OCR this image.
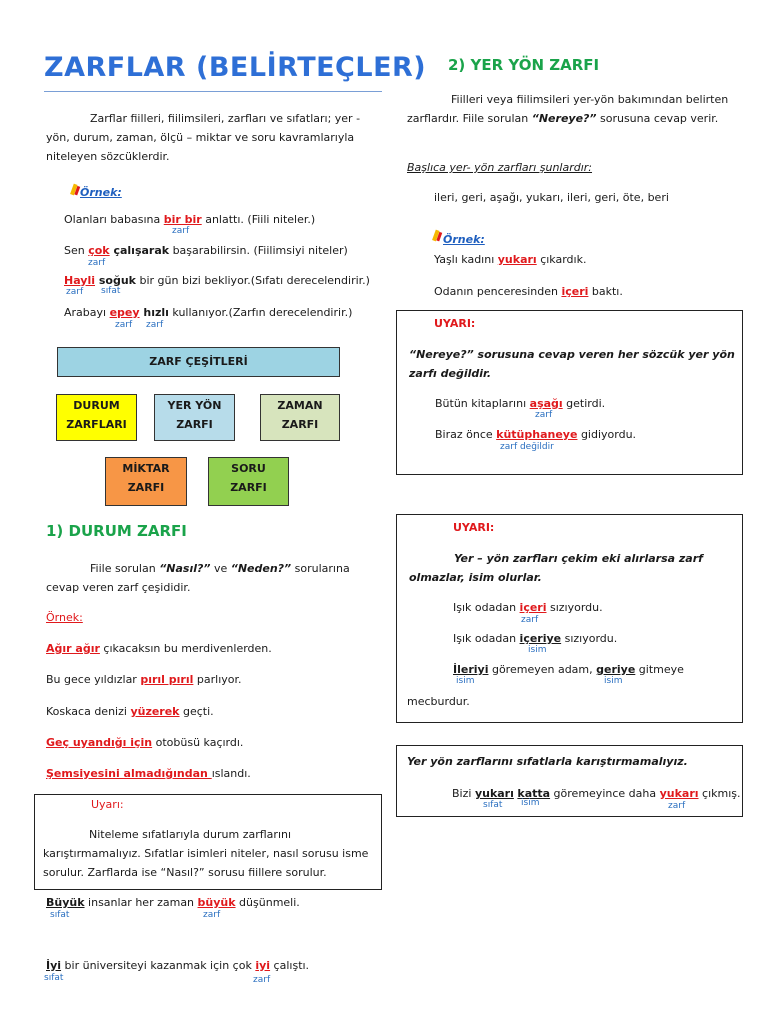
ZARFLAR (BELİRTEÇLER)

Zarflar fiilleri, fiilimsileri, zarfları ve sıfatları; yer - yön, durum, zaman, ölçü – miktar ve soru kavramlarıyla niteleyen sözcüklerdir.

Örnek:
Olanları babasına bir bir anlattı. (Fiili niteler.)
zarf
Sen çok çalışarak başarabilirsin. (Fiilimsiyi niteler)
zarf
Hayli soğuk bir gün bizi bekliyor.(Sıfatı derecelendirir.)
zarf sıfat
Arabayı epey hızlı kullanıyor.(Zarfın derecelendirir.)
zarf zarf
ZARF ÇEŞİTLERİ
DURUM
ZARFLARI
YER YÖN
ZARFI
ZAMAN
ZARFI
MİKTAR
ZARFI
SORU
ZARFI
1) DURUM ZARFI

Fiile sorulan “Nasıl?” ve “Neden?” sorularına cevap veren zarf çeşididir.

Örnek:
Ağır ağır çıkacaksın bu merdivenlerden.
Bu gece yıldızlar pırıl pırıl parlıyor.
Koskaca denizi yüzerek geçti.
Geç uyandığı için otobüsü kaçırdı.
Şemsiyesini almadığından ıslandı.
Uyarı:

Niteleme sıfatlarıyla durum zarflarını karıştırmamalıyız. Sıfatlar isimleri niteler, nasıl sorusu isme sorulur. Zarflarda ise “Nasıl?” sorusu fiillere sorulur.

Büyük insanlar her zaman büyük düşünmeli.
sıfat	zarf
İyi bir üniversiteyi kazanmak için çok iyi çalıştı.
sıfat	zarf
2) YER YÖN ZARFI

Fiilleri veya fiilimsileri yer-yön bakımından belirten zarflardır. Fiile sorulan “Nereye?” sorusuna cevap verir.

Başlıca yer- yön zarfları şunlardır:
ileri, geri, aşağı, yukarı, ileri, geri, öte, beri
Örnek:
Yaşlı kadını yukarı çıkardık.
Odanın penceresinden içeri baktı.
UYARI:

“Nereye?” sorusuna cevap veren her sözcük yer yön zarfı değildir.

Bütün kitaplarını aşağı getirdi.
zarf
Biraz önce kütüphaneye gidiyordu.
zarf değildir
UYARI:

Yer – yön zarfları çekim eki alırlarsa zarf olmazlar, isim olurlar.

Işık odadan içeri sızıyordu.
zarf
Işık odadan içeriye sızıyordu.
isim
İleriyi göremeyen adam, geriye gitmeye
isim	isim
mecburdur.
Yer yön zarflarını sıfatlarla karıştırmamalıyız.
Bizi yukarı katta göremeyince daha yukarı çıkmış.
sıfat isim	zarf
